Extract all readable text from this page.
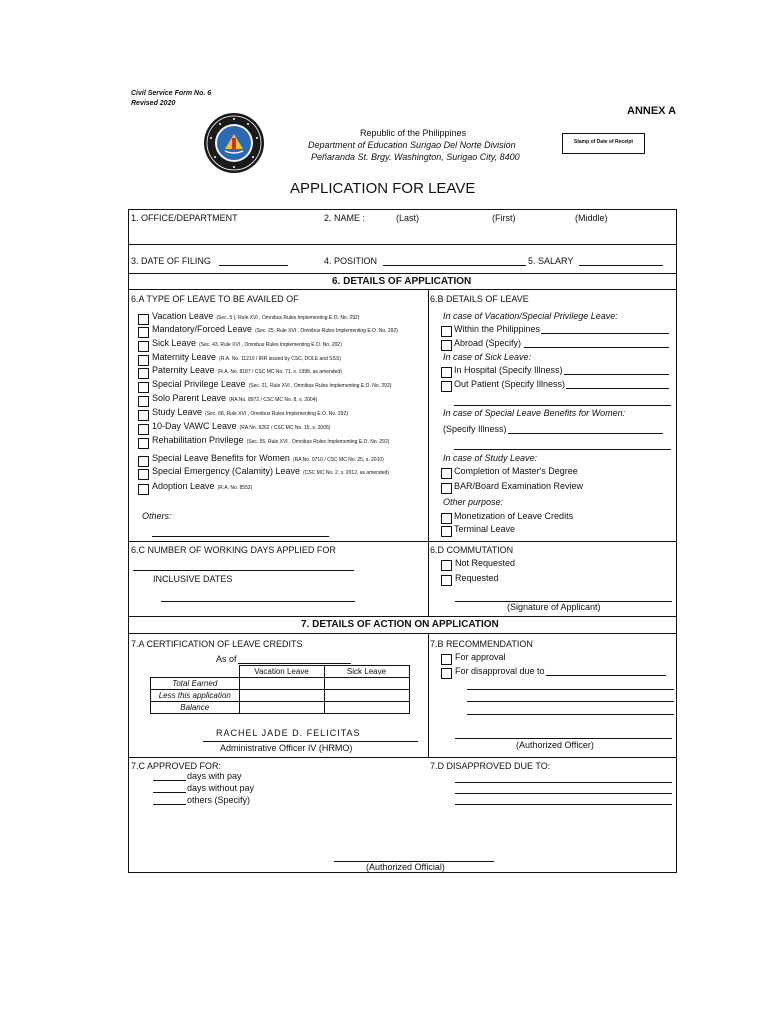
Civil Service Form No. 6
Revised 2020
ANNEX A
Republic of the Philippines
Department of Education Surigao Del Norte Division
Peñaranda St. Brgy. Washington, Surigao City, 8400
Stamp of Date of Receipt
APPLICATION FOR LEAVE
1. OFFICE/DEPARTMENT	2. NAME :	(Last)	(First)	(Middle)
3. DATE OF FILING	4. POSITION	5. SALARY
6. DETAILS OF APPLICATION
6.A TYPE OF LEAVE TO BE AVAILED OF
Vacation Leave (Sec. 5 ), Rule XVI , Omnibus Rules Implementing E.O. No. 292)
Mandatory/Forced Leave (Sec. 25, Rule XVI , Omnibus Rules Implementing E.O. No. 292)
Sick Leave (Sec. 43, Rule XVI , Omnibus Rules Implementing E.O. No. 292)
Maternity Leave (R.A. No. 11210 / IRR issued by CSC, DOLE and SSS)
Paternity Leave (R.A. No. 8187 / CSC MC No. 71, s. 1998, as amended)
Special Privilege Leave (Sec. 21, Rule XVI , Omnibus Rules Implementing E.O. No. 292)
Solo Parent Leave (RA No. 8972 / CSC MC No. 8, s. 2004)
Study Leave (Sec. 68, Rule XVI , Omnibus Rules Implementing E.O. No. 292)
10-Day VAWC Leave (RA No. 9262 / CSC MC No. 15, s. 2005)
Rehabilitation Privilege (Sec. 55, Rule XVI , Omnibus Rules Implementing E.O. No. 292)
Special Leave Benefits for Women (RA No. 9710 / CSC MC No. 25, s. 2010)
Special Emergency (Calamity) Leave (CSC MC No. 2, s. 2012, as amended)
Adoption Leave (R.A. No. 8552)
Others:
6.B DETAILS OF LEAVE
In case of Vacation/Special Privilege Leave:
Within the Philippines
Abroad (Specify)
In case of Sick Leave:
In Hospital (Specify Illness)
Out Patient (Specify Illness)
In case of Special Leave Benefits for Women:
(Specify Illness)
In case of Study Leave:
Completion of Master's Degree
BAR/Board Examination Review
Other purpose:
Monetization of Leave Credits
Terminal Leave
6.C NUMBER OF WORKING DAYS APPLIED FOR
INCLUSIVE DATES
6.D COMMUTATION
Not Requested
Requested
(Signature of Applicant)
7. DETAILS OF ACTION ON APPLICATION
7.A CERTIFICATION OF LEAVE CREDITS
As of
	Vacation Leave	Sick Leave
Total Earned		
Less this application		
Balance		
RACHEL JADE D. FELICITAS
Administrative Officer IV (HRMO)
7.B RECOMMENDATION
For approval
For disapproval due to
(Authorized Officer)
7.C APPROVED FOR:
days with pay
days without pay
others (Specify)
7.D DISAPPROVED DUE TO:
(Authorized Official)
